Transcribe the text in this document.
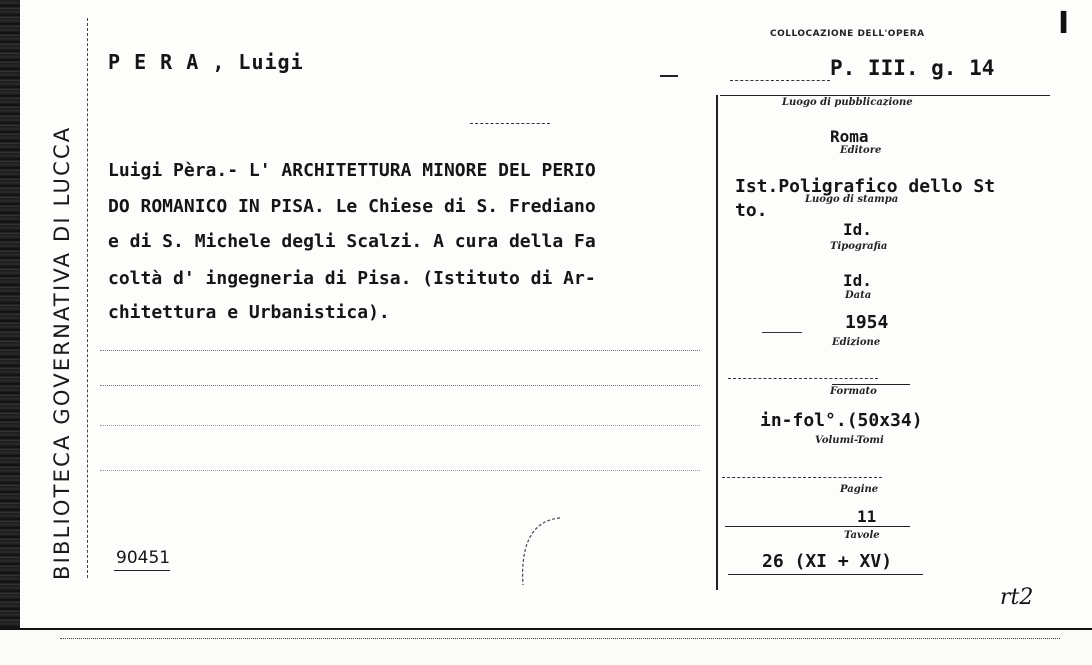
BIBLIOTECA GOVERNATIVA DI LUCCA
I
P E R A , Luigi
COLLOCAZIONE DELL'OPERA
P. III. g. 14
Luigi Pèra.- L' ARCHITETTURA MINORE DEL PERIO
DO ROMANICO IN PISA. Le Chiese di S. Frediano
e di S. Michele degli Scalzi. A cura della Fa
coltà d' ingegneria di Pisa. (Istituto di Ar-
chitettura e Urbanistica).
Luogo di pubblicazione
Roma
Editore
Ist.Poligrafico dello St
to.
Luogo di stampa
Id.
Tipografia
Id.
Data
1954
Edizione
Formato
in-fol°.(50x34)
Volumi-Tomi
Pagine
11
Tavole
26 (XI + XV)
90451
rt2
